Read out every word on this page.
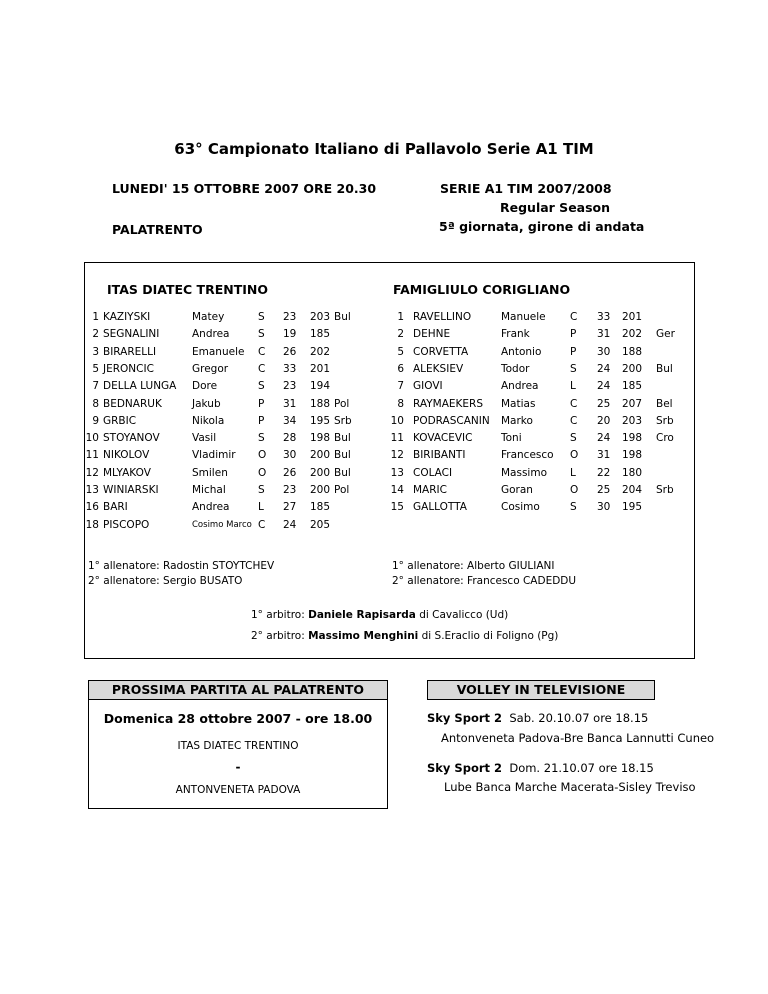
63° Campionato Italiano di Pallavolo Serie A1 TIM
LUNEDI' 15 OTTOBRE 2007 ORE 20.30
PALATRENTO
SERIE A1 TIM 2007/2008
Regular Season
5ª giornata, girone di andata
ITAS DIATEC TRENTINO	FAMIGLIULO CORIGLIANO
1 KAZIYSKI	Matey	S 23 203 Bul
2 SEGNALINI	Andrea	S 19 185
3 BIRARELLI	Emanuele C 26 202
5 JERONCIC	Gregor	C 33 201
7 DELLA LUNGA Dore	S 23 194
8 BEDNARUK	Jakub	P 31 188 Pol
9 GRBIC	Nikola	P 34 195 Srb
10 STOYANOV	Vasil	S 28 198 Bul
11 NIKOLOV	Vladimir O 30 200 Bul
12 MLYAKOV	Smilen	O 26 200 Bul
13 WINIARSKI	Michal	S 23 200 Pol
16 BARI	Andrea	L 27 185
18 PISCOPO	Cosimo Marco C 24 205
1 RAVELLINO	Manuele C 33 201
2 DEHNE	Frank	P 31 202 Ger
5 CORVETTA	Antonio	P 30 188
6 ALEKSIEV	Todor	S 24 200 Bul
7 GIOVI	Andrea	L 24 185
8 RAYMAEKERS Matias	C 25 207 Bel
10 PODRASCANIN Marko	C 20 203 Srb
11 KOVACEVIC	Toni	S 24 198 Cro
12 BIRIBANTI	Francesco O 31 198
13 COLACI	Massimo L 22 180
14 MARIC	Goran	O 25 204 Srb
15 GALLOTTA	Cosimo	S 30 195
1° allenatore: Radostin STOYTCHEV
2° allenatore: Sergio BUSATO
1° allenatore: Alberto GIULIANI
2° allenatore: Francesco CADEDDU
1° arbitro: Daniele Rapisarda di Cavalicco (Ud)
2° arbitro: Massimo Menghini di S.Eraclio di Foligno (Pg)
PROSSIMA PARTITA AL PALATRENTO
Domenica 28 ottobre 2007 - ore 18.00
ITAS DIATEC TRENTINO
-
ANTONVENETA PADOVA
VOLLEY IN TELEVISIONE
Sky Sport 2 Sab. 20.10.07 ore 18.15
Antonveneta Padova-Bre Banca Lannutti Cuneo
Sky Sport 2 Dom. 21.10.07 ore 18.15
Lube Banca Marche Macerata-Sisley Treviso
